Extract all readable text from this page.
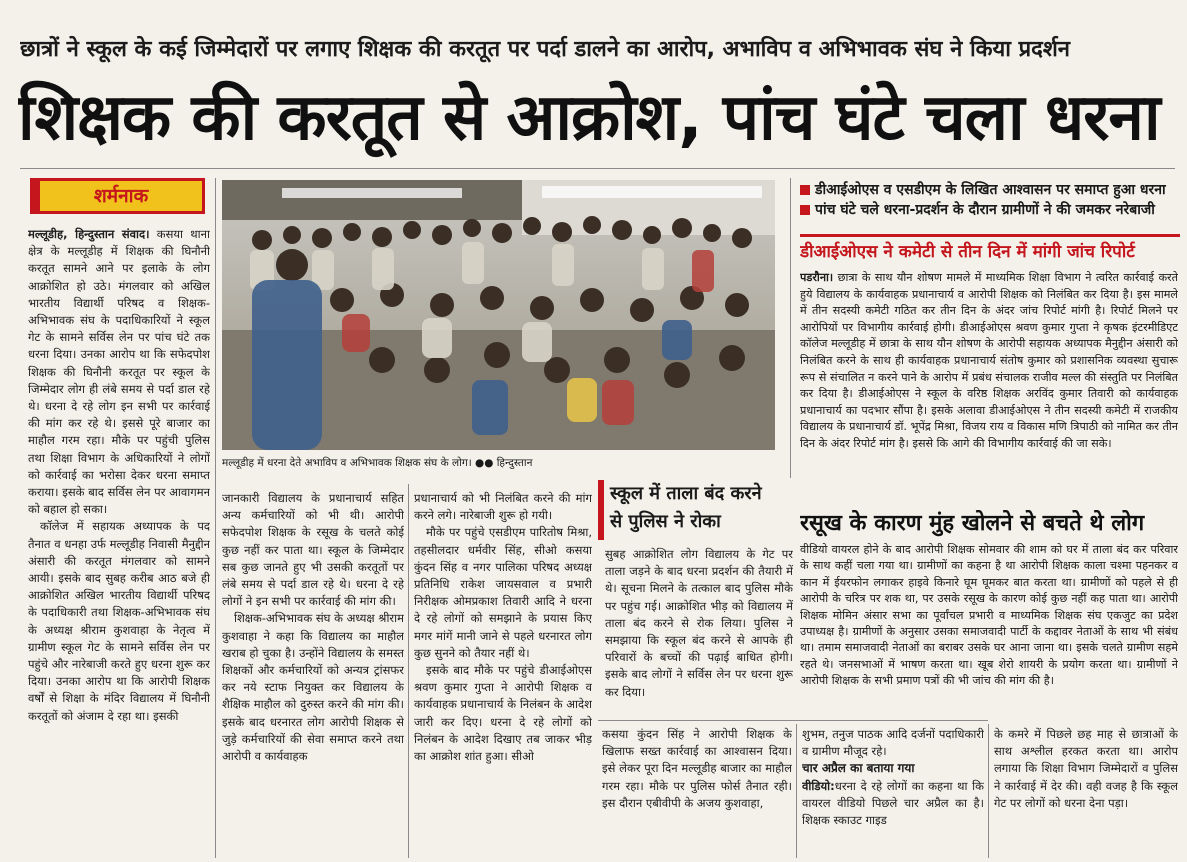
छात्रों ने स्कूल के कई जिम्मेदारों पर लगाए शिक्षक की करतूत पर पर्दा डालने का आरोप, अभाविप व अभिभावक संघ ने किया प्रदर्शन
शिक्षक की करतूत से आक्रोश, पांच घंटे चला धरना
शर्मनाक

मल्लूडीह, हिन्दुस्तान संवाद। कसया थाना क्षेत्र के मल्लूडीह में शिक्षक की घिनौनी करतूत सामने आने पर इलाके के लोग आक्रोशित हो उठे। मंगलवार को अखिल भारतीय विद्यार्थी परिषद व शिक्षक-अभिभावक संघ के पदाधिकारियों ने स्कूल गेट के सामने सर्विस लेन पर पांच घंटे तक धरना दिया। उनका आरोप था कि सफेदपोश शिक्षक की घिनौनी करतूत पर स्कूल के जिम्मेदार लोग ही लंबे समय से पर्दा डाल रहे थे। धरना दे रहे लोग इन सभी पर कार्रवाई की मांग कर रहे थे। इससे पूरे बाजार का माहौल गरम रहा। मौके पर पहुंची पुलिस तथा शिक्षा विभाग के अधिकारियों ने लोगों को कार्रवाई का भरोसा देकर धरना समाप्त कराया। इसके बाद सर्विस लेन पर आवागमन को बहाल हो सका।

कॉलेज में सहायक अध्यापक के पद तैनात व धनहा उर्फ मल्लूडीह निवासी मैनुद्दीन अंसारी की करतूत मंगलवार को सामने आयी। इसके बाद सुबह करीब आठ बजे ही आक्रोशित अखिल भारतीय विद्यार्थी परिषद के पदाधिकारी तथा शिक्षक-अभिभावक संघ के अध्यक्ष श्रीराम कुशवाहा के नेतृत्व में ग्रामीण स्कूल गेट के सामने सर्विस लेन पर पहुंचे और नारेबाजी करते हुए धरना शुरू कर दिया। उनका आरोप था कि आरोपी शिक्षक वर्षों से शिक्षा के मंदिर विद्यालय में घिनौनी करतूतों को अंजाम दे रहा था। इसकी

मल्लूडीह में धरना देते अभाविप व अभिभावक शिक्षक संघ के लोग। ●● हिन्दुस्तान

जानकारी विद्यालय के प्रधानाचार्य सहित अन्य कर्मचारियों को भी थी। आरोपी सफेदपोश शिक्षक के रसूख के चलते कोई कुछ नहीं कर पाता था। स्कूल के जिम्मेदार सब कुछ जानते हुए भी उसकी करतूतों पर लंबे समय से पर्दा डाल रहे थे। धरना दे रहे लोगों ने इन सभी पर कार्रवाई की मांग की।

शिक्षक-अभिभावक संघ के अध्यक्ष श्रीराम कुशवाहा ने कहा कि विद्यालय का माहौल खराब हो चुका है। उन्होंने विद्यालय के समस्त शिक्षकों और कर्मचारियों को अन्यत्र ट्रांसफर कर नये स्टाफ नियुक्त कर विद्यालय के शैक्षिक माहौल को दुरुस्त करने की मांग की। इसके बाद धरनारत लोग आरोपी शिक्षक से जुड़े कर्मचारियों की सेवा समाप्त करने तथा आरोपी व कार्यवाहक

प्रधानाचार्य को भी निलंबित करने की मांग करने लगे। नारेबाजी शुरू हो गयी।

मौके पर पहुंचे एसडीएम पारितोष मिश्रा, तहसीलदार धर्मवीर सिंह, सीओ कसया कुंदन सिंह व नगर पालिका परिषद अध्यक्ष प्रतिनिधि राकेश जायसवाल व प्रभारी निरीक्षक ओमप्रकाश तिवारी आदि ने धरना दे रहे लोगों को समझाने के प्रयास किए मगर मांगें मानी जाने से पहले धरनारत लोग कुछ सुनने को तैयार नहीं थे।

इसके बाद मौके पर पहुंचे डीआईओएस श्रवण कुमार गुप्ता ने आरोपी शिक्षक व कार्यवाहक प्रधानाचार्य के निलंबन के आदेश जारी कर दिए। धरना दे रहे लोगों को निलंबन के आदेश दिखाए तब जाकर भीड़ का आक्रोश शांत हुआ। सीओ

स्कूल में ताला बंद करने
से पुलिस ने रोका
सुबह आक्रोशित लोग विद्यालय के गेट पर ताला जड़ने के बाद धरना प्रदर्शन की तैयारी में थे। सूचना मिलने के तत्काल बाद पुलिस मौके पर पहुंच गई। आक्रोशित भीड़ को विद्यालय में ताला बंद करने से रोक लिया। पुलिस ने समझाया कि स्कूल बंद करने से आपके ही परिवारों के बच्चों की पढ़ाई बाधित होगी। इसके बाद लोगों ने सर्विस लेन पर धरना शुरू कर दिया।
कसया कुंदन सिंह ने आरोपी शिक्षक के खिलाफ सख्त कार्रवाई का आश्वासन दिया। इसे लेकर पूरा दिन मल्लूडीह बाजार का माहौल गरम रहा। मौके पर पुलिस फोर्स तैनात रही। इस दौरान एबीवीपी के अजय कुशवाहा,
डीआईओएस व एसडीएम के लिखित आश्वासन पर समाप्त हुआ धरना
पांच घंटे चले धरना-प्रदर्शन के दौरान ग्रामीणों ने की जमकर नरेबाजी
डीआईओएस ने कमेटी से तीन दिन में मांगी जांच रिपोर्ट

पडरौना। छात्रा के साथ यौन शोषण मामले में माध्यमिक शिक्षा विभाग ने त्वरित कार्रवाई करते हुये विद्यालय के कार्यवाहक प्रधानाचार्य व आरोपी शिक्षक को निलंबित कर दिया है। इस मामले में तीन सदस्यी कमेटी गठित कर तीन दिन के अंदर जांच रिपोर्ट मांगी है। रिपोर्ट मिलने पर आरोपियों पर विभागीय कार्रवाई होगी। डीआईओएस श्रवण कुमार गुप्ता ने कृषक इंटरमीडिएट कॉलेज मल्लूडीह में छात्रा के साथ यौन शोषण के आरोपी सहायक अध्यापक मैनुद्दीन अंसारी को निलंबित करने के साथ ही कार्यवाहक प्रधानाचार्य संतोष कुमार को प्रशासनिक व्यवस्था सुचारू रूप से संचालित न करने पाने के आरोप में प्रबंध संचालक राजीव मल्ल की संस्तुति पर निलंबित कर दिया है। डीआईओएस ने स्कूल के वरिष्ठ शिक्षक अरविंद कुमार तिवारी को कार्यवाहक प्रधानाचार्य का पदभार सौंपा है। इसके अलावा डीआईओएस ने तीन सदस्यी कमेटी में राजकीय विद्यालय के प्रधानाचार्य डॉ. भूपेंद्र मिश्रा, विजय राय व विकास मणि त्रिपाठी को नामित कर तीन दिन के अंदर रिपोर्ट मांग है। इससे कि आगे की विभागीय कार्रवाई की जा सके।

रसूख के कारण मुंह खोलने से बचते थे लोग
वीडियो वायरल होने के बाद आरोपी शिक्षक सोमवार की शाम को घर में ताला बंद कर परिवार के साथ कहीं चला गया था। ग्रामीणों का कहना है था आरोपी शिक्षक काला चश्मा पहनकर व कान में ईयरफोन लगाकर हाइवे किनारे घूम घूमकर बात करता था। ग्रामीणों को पहले से ही आरोपी के चरित्र पर शक था, पर उसके रसूख के कारण कोई कुछ नहीं कह पाता था। आरोपी शिक्षक मोमिन अंसार सभा का पूर्वांचल प्रभारी व माध्यमिक शिक्षक संघ एकजुट का प्रदेश उपाध्यक्ष है। ग्रामीणों के अनुसार उसका समाजवादी पार्टी के कद्दावर नेताओं के साथ भी संबंध था। तमाम समाजवादी नेताओं का बराबर उसके घर आना जाना था। इसके चलते ग्रामीण सहमे रहते थे। जनसभाओं में भाषण करता था। खूब शेरो शायरी के प्रयोग करता था। ग्रामीणों ने आरोपी शिक्षक के सभी प्रमाण पत्रों की भी जांच की मांग की है।

शुभम, तनुज पाठक आदि दर्जनों पदाधिकारी व ग्रामीण मौजूद रहे।

चार अप्रैल का बताया गया

वीडियो:धरना दे रहे लोगों का कहना था कि वायरल वीडियो पिछले चार अप्रैल का है। शिक्षक स्काउट गाइड

के कमरे में पिछले छह माह से छात्राओं के साथ अश्लील हरकत करता था। आरोप लगाया कि शिक्षा विभाग जिम्मेदारों व पुलिस ने कार्रवाई में देर की। वही वजह है कि स्कूल गेट पर लोगों को धरना देना पड़ा।
